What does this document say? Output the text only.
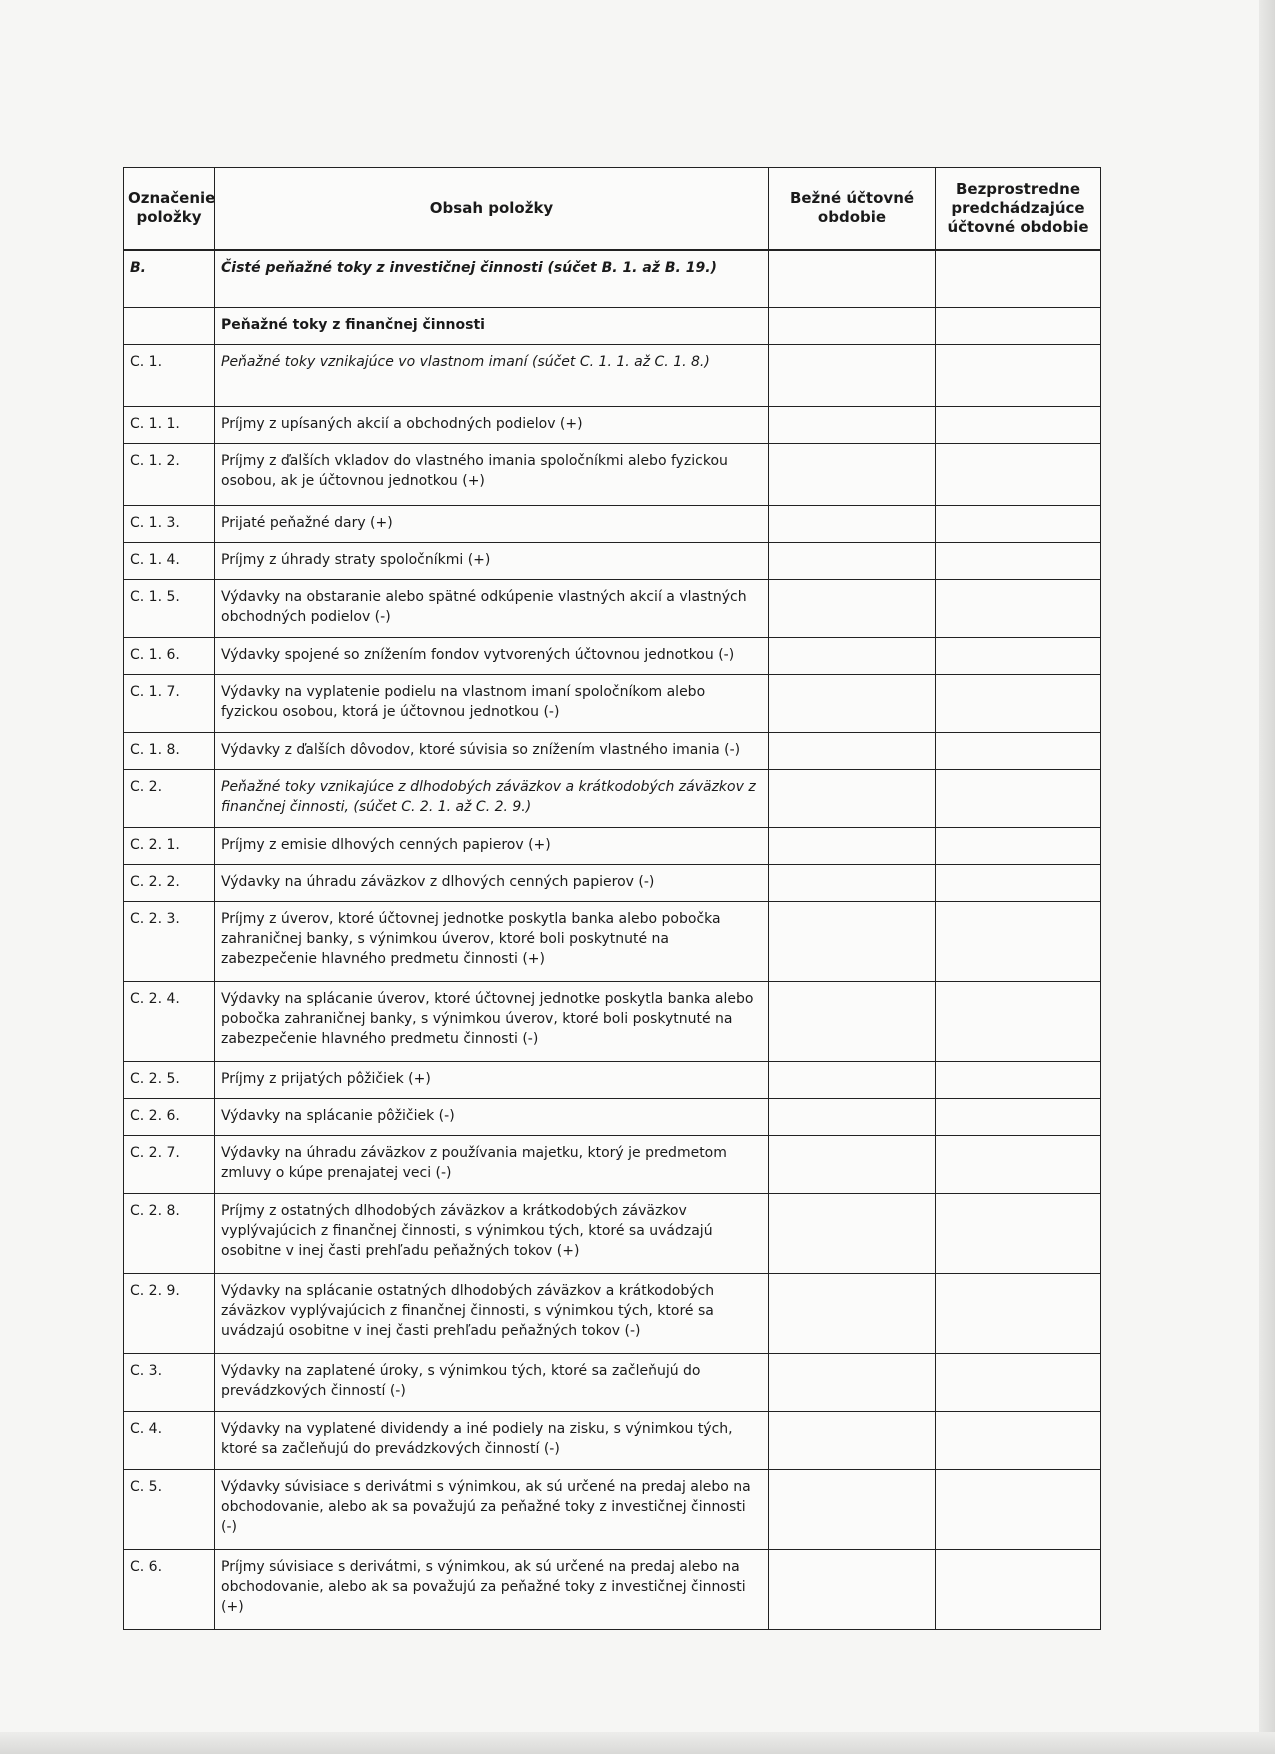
Označenie položky	Obsah položky	Bežné účtovné obdobie	Bezprostredne predchádzajúce účtovné obdobie
B.	Čisté peňažné toky z investičnej činnosti (súčet B. 1. až B. 19.)		
	Peňažné toky z finančnej činnosti		
C. 1.	Peňažné toky vznikajúce vo vlastnom imaní (súčet C. 1. 1. až C. 1. 8.)		
C. 1. 1.	Príjmy z upísaných akcií a obchodných podielov (+)		
C. 1. 2.	Príjmy z ďalších vkladov do vlastného imania spoločníkmi alebo fyzickou osobou, ak je účtovnou jednotkou (+)		
C. 1. 3.	Prijaté peňažné dary (+)		
C. 1. 4.	Príjmy z úhrady straty spoločníkmi (+)		
C. 1. 5.	Výdavky na obstaranie alebo spätné odkúpenie vlastných akcií a vlastných obchodných podielov (-)		
C. 1. 6.	Výdavky spojené so znížením fondov vytvorených účtovnou jednotkou (-)		
C. 1. 7.	Výdavky na vyplatenie podielu na vlastnom imaní spoločníkom alebo fyzickou osobou, ktorá je účtovnou jednotkou (-)		
C. 1. 8.	Výdavky z ďalších dôvodov, ktoré súvisia so znížením vlastného imania (-)		
C. 2.	Peňažné toky vznikajúce z dlhodobých záväzkov a krátkodobých záväzkov z finančnej činnosti, (súčet C. 2. 1. až C. 2. 9.)		
C. 2. 1.	Príjmy z emisie dlhových cenných papierov (+)		
C. 2. 2.	Výdavky na úhradu záväzkov z dlhových cenných papierov (-)		
C. 2. 3.	Príjmy z úverov, ktoré účtovnej jednotke poskytla banka alebo pobočka zahraničnej banky, s výnimkou úverov, ktoré boli poskytnuté na zabezpečenie hlavného predmetu činnosti (+)		
C. 2. 4.	Výdavky na splácanie úverov, ktoré účtovnej jednotke poskytla banka alebo pobočka zahraničnej banky, s výnimkou úverov, ktoré boli poskytnuté na zabezpečenie hlavného predmetu činnosti (-)		
C. 2. 5.	Príjmy z prijatých pôžičiek (+)		
C. 2. 6.	Výdavky na splácanie pôžičiek (-)		
C. 2. 7.	Výdavky na úhradu záväzkov z používania majetku, ktorý je predmetom zmluvy o kúpe prenajatej veci (-)		
C. 2. 8.	Príjmy z ostatných dlhodobých záväzkov a krátkodobých záväzkov vyplývajúcich z finančnej činnosti, s výnimkou tých, ktoré sa uvádzajú osobitne v inej časti prehľadu peňažných tokov (+)		
C. 2. 9.	Výdavky na splácanie ostatných dlhodobých záväzkov a krátkodobých záväzkov vyplývajúcich z finančnej činnosti, s výnimkou tých, ktoré sa uvádzajú osobitne v inej časti prehľadu peňažných tokov (-)		
C. 3.	Výdavky na zaplatené úroky, s výnimkou tých, ktoré sa začleňujú do prevádzkových činností (-)		
C. 4.	Výdavky na vyplatené dividendy a iné podiely na zisku, s výnimkou tých, ktoré sa začleňujú do prevádzkových činností (-)		
C. 5.	Výdavky súvisiace s derivátmi s výnimkou, ak sú určené na predaj alebo na obchodovanie, alebo ak sa považujú za peňažné toky z investičnej činnosti (-)		
C. 6.	Príjmy súvisiace s derivátmi, s výnimkou, ak sú určené na predaj alebo na obchodovanie, alebo ak sa považujú za peňažné toky z investičnej činnosti (+)		
